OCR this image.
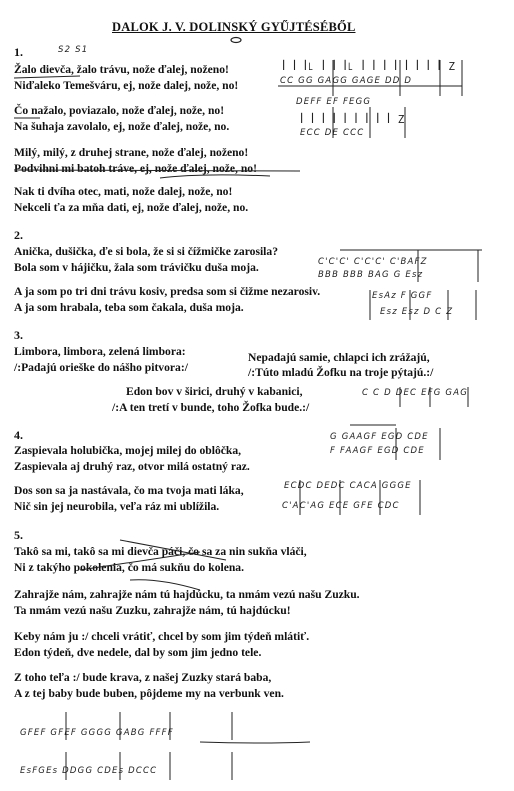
DALOK J. V. DOLINSKÝ GYŰJTÉSÉBŐL
1.	S2 S1
Žalo dievča, žalo trávu, nože ďalej, noženo!
Niďaleko Temešváru, ej, nože dalej, nože, no!
Čo nažalo, poviazalo, nože ďalej, nože, no!
Na šuhaja zavolalo, ej, nože ďalej, nože, no.
Milý, milý, z druhej strane, nože ďalej, noženo!
Podvihni mi batoh tráve, ej, nože ďalej, nože, no!
Nak ti dvíha otec, mati, nože dalej, nože, no!
Nekceli ťa za mňa dati, ej, nože ďalej, nože, no.
ꟾ ꟾ ꟾ꜖ ꟾ ꟾ ꟾ꜖ ꟾ ꟾ ꟾ ꟾ ꟾ ꟾ ꟾ ꟾ Z
CC GG GAGG GAGE DD D
DEFF EF FEGG
ꟾ ꟾ ꟾ ꟾ ꟾ ꟾ ꟾ ꟾ ꟾ Z
ECC DE CCC
2.
Anička, dušička, ďe si bola, že si si čížmičke zarosila?
Bola som v hájičku, žala som trávičku duša moja.
A ja som po tri dni trávu kosiv, predsa som si čižme nezarosiv.
A ja som hrabala, teba som čakala, duša moja.
C'C'C' C'C'C' C'BAFZ
BBB BBB BAG G Esz
EsAz F GGF
Esz Esz D C Z
3.
Limbora, limbora, zelená limbora:
/:Padajú orieške do nášho pitvora:/
Nepadajú samie, chlapci ich zrážajú,
/:Túto mladú Žofku na troje pýtajú.:/
Edon bov v širici, druhý v kabanici,
/:A ten tretí v bunde, toho Žofka bude.:/
C C D DEC EFG GAG
4.
Zaspievala holubička, mojej milej do oblôčka,
Zaspievala aj druhý raz, otvor milá ostatný raz.
Dos son sa ja nastávala, čo ma tvoja mati láka,
Nič sin jej neurobila, veľa ráz mi ublížila.
G GAAGF EGD CDE
F FAAGF EGD CDE
ECDC DEDC CACA GGGE
C'AC'AG ECE GFE CDC
5.
Takô sa mi, takô sa mi dievča páči, čo sa za nin sukňa vláči,
Ni z takýho pokolenia, čo má sukňu do kolena.
Zahrajže nám, zahrajže nám tú hajdúcku, ta nmám vezú našu Zuzku.
Ta nmám vezú našu Zuzku, zahrajže nám, tú hajdúcku!
Keby nám ju :/ chceli vrátiť, chcel by som jim týdeň mlátiť.
Edon týdeň, dve nedele, dal by som jim jedno tele.
Z toho teľa :/ bude krava, z našej Zuzky stará baba,
A z tej baby bude buben, pôjdeme my na verbunk ven.
GFEF GFEF GGGG GABG FFFF
EsFGEs DDGG CDEs DCCC
